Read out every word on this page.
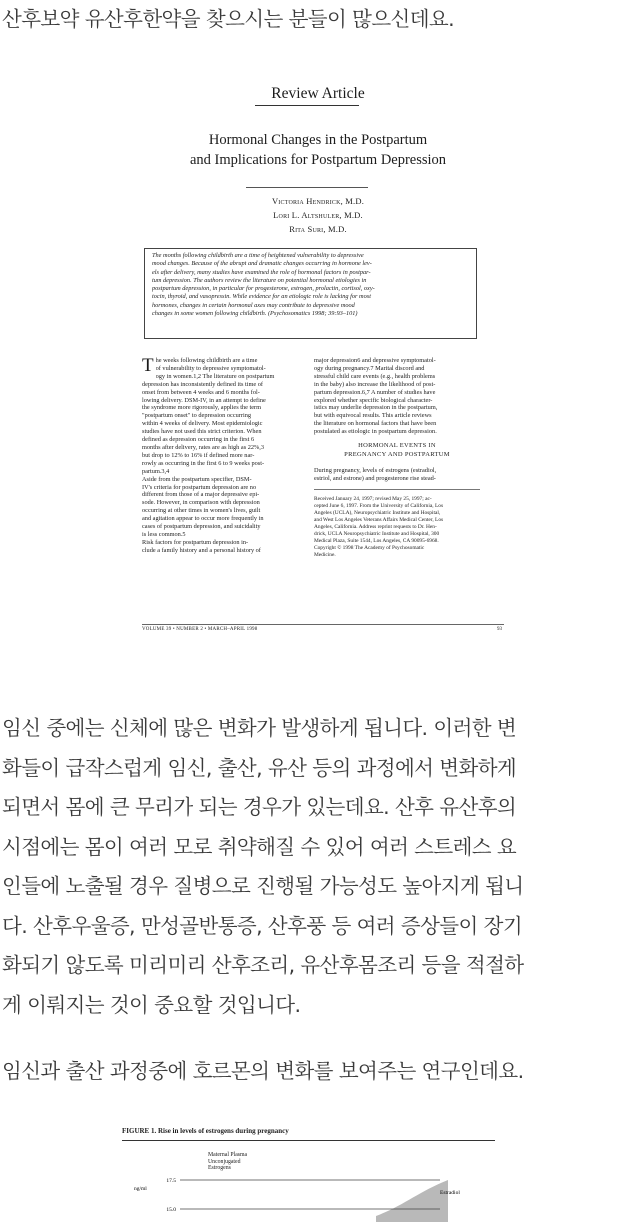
산후보약 유산후한약을 찾으시는 분들이 많으신데요.
Review Article
Hormonal Changes in the Postpartum
and Implications for Postpartum Depression
Victoria Hendrick, M.D.
Lori L. Altshuler, M.D.
Rita Suri, M.D.

The months following childbirth are a time of heightened vulnerability to depressive

mood changes. Because of the abrupt and dramatic changes occurring in hormone lev-

els after delivery, many studies have examined the role of hormonal factors in postpar-

tum depression. The authors review the literature on potential hormonal etiologies in

postpartum depression, in particular for progesterone, estrogen, prolactin, cortisol, oxy-

tocin, thyroid, and vasopressin. While evidence for an etiologic role is lacking for most

hormones, changes in certain hormonal axes may contribute to depressive mood

changes in some women following childbirth. (Psychosomatics 1998; 39:93–101)

T he weeks following childbirth are a time

of vulnerability to depressive symptomatol-

ogy in women.1,2 The literature on postpartum

depression has inconsistently defined its time of

onset from between 4 weeks and 6 months fol-

lowing delivery. DSM-IV, in an attempt to define

the syndrome more rigorously, applies the term

"postpartum onset" to depression occurring

within 4 weeks of delivery. Most epidemiologic

studies have not used this strict criterion. When

defined as depression occurring in the first 6

months after delivery, rates are as high as 22%,3

but drop to 12% to 16% if defined more nar-

rowly as occurring in the first 6 to 9 weeks post-

partum.3,4

Aside from the postpartum specifier, DSM-

IV's criteria for postpartum depression are no

different from those of a major depressive epi-

sode. However, in comparison with depression

occurring at other times in women's lives, guilt

and agitation appear to occur more frequently in

cases of postpartum depression, and suicidality

is less common.5

Risk factors for postpartum depression in-

clude a family history and a personal history of

major depression6 and depressive symptomatol-

ogy during pregnancy.7 Marital discord and

stressful child care events (e.g., health problems

in the baby) also increase the likelihood of post-

partum depression.6,7 A number of studies have

explored whether specific biological character-

istics may underlie depression in the postpartum,

but with equivocal results. This article reviews

the literature on hormonal factors that have been

postulated as etiologic in postpartum depression.

HORMONAL EVENTS IN
PREGNANCY AND POSTPARTUM

During pregnancy, levels of estrogens (estradiol,

estriol, and estrone) and progesterone rise stead-

Received January 24, 1997; revised May 25, 1997; ac-

cepted June 6, 1997. From the University of California, Los

Angeles (UCLA), Neuropsychiatric Institute and Hospital,

and West Los Angeles Veterans Affairs Medical Center, Los

Angeles, California. Address reprint requests to Dr. Hen-

drick, UCLA Neuropsychiatric Institute and Hospital, 300

Medical Plaza, Suite 1544, Los Angeles, CA 90095-6968.

Copyright © 1998 The Academy of Psychosomatic

Medicine.

VOLUME 39 • NUMBER 2 • MARCH–APRIL 1998	93
임신 중에는 신체에 많은 변화가 발생하게 됩니다. 이러한 변
화들이 급작스럽게 임신, 출산, 유산 등의 과정에서 변화하게
되면서 몸에 큰 무리가 되는 경우가 있는데요. 산후 유산후의
시점에는 몸이 여러 모로 취약해질 수 있어 여러 스트레스 요
인들에 노출될 경우 질병으로 진행될 가능성도 높아지게 됩니
다. 산후우울증, 만성골반통증, 산후풍 등 여러 증상들이 장기
화되기 않도록 미리미리 산후조리, 유산후몸조리 등을 적절하
게 이뤄지는 것이 중요할 것입니다.
임신과 출산 과정중에 호르몬의 변화를 보여주는 연구인데요.
17.5
15.0
ng/ml
Estradiol
FIGURE 1. Rise in levels of estrogens during pregnancy
Maternal Plasma
Unconjugated
Estrogens
